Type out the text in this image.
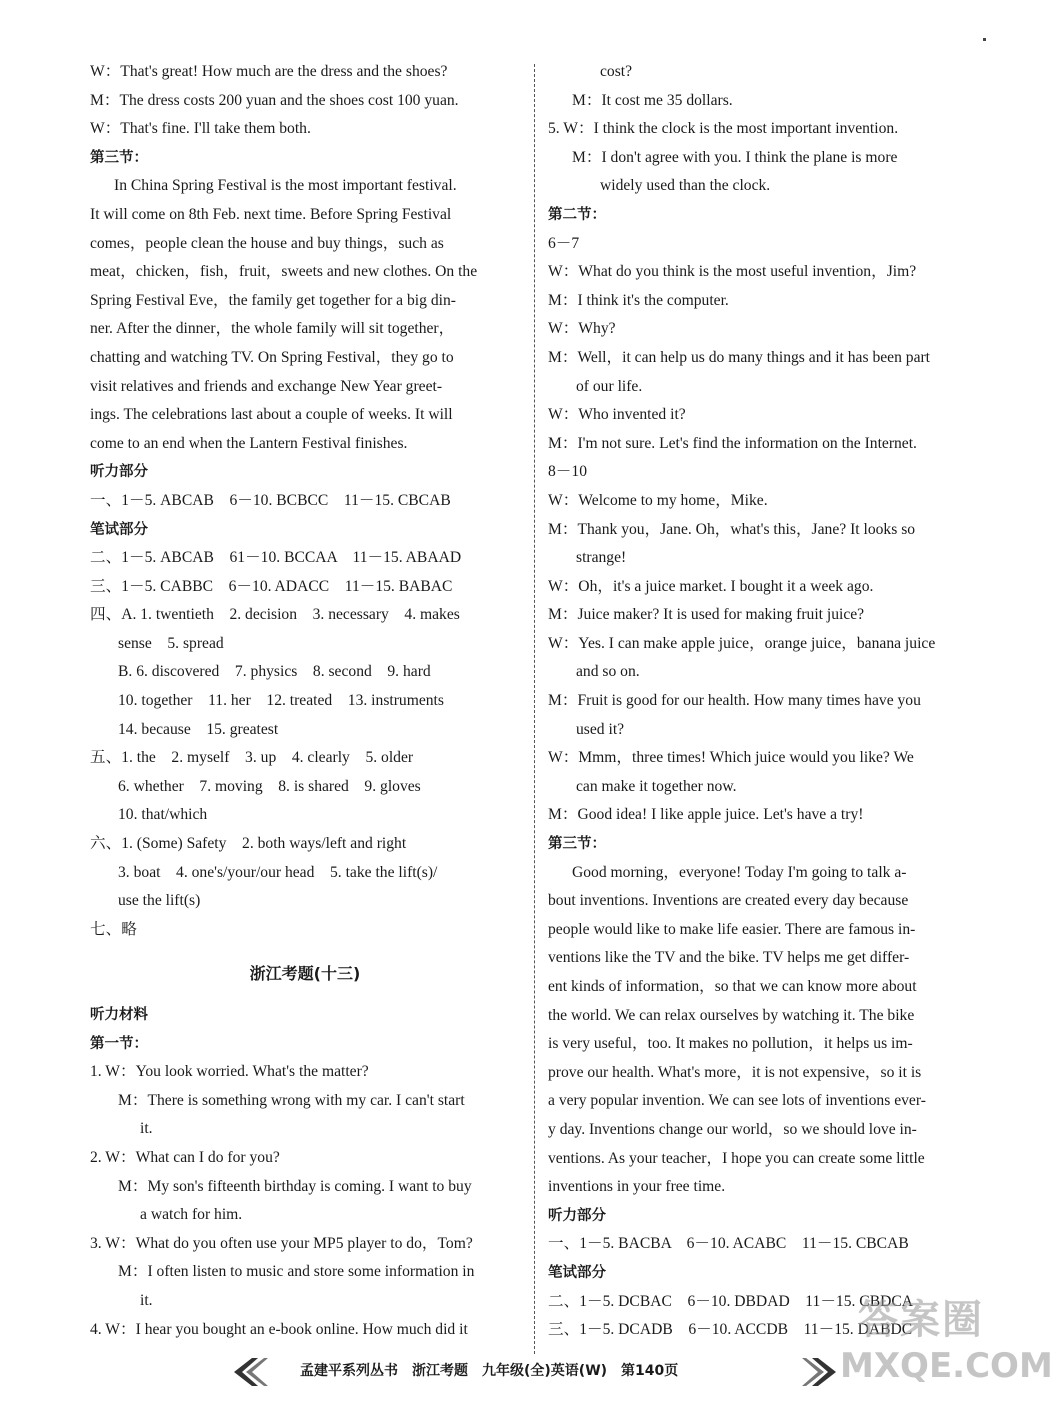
W：That's great! How much are the dress and the shoes?
M：The dress costs 200 yuan and the shoes cost 100 yuan.
W：That's fine. I'll take them both.
第三节：
In China Spring Festival is the most important festival.
It will come on 8th Feb. next time. Before Spring Festival
comes，people clean the house and buy things，such as
meat，chicken，fish，fruit，sweets and new clothes. On the
Spring Festival Eve，the family get together for a big din-
ner. After the dinner，the whole family will sit together，
chatting and watching TV. On Spring Festival，they go to
visit relatives and friends and exchange New Year greet-
ings. The celebrations last about a couple of weeks. It will
come to an end when the Lantern Festival finishes.
听力部分
一、1－5. ABCAB　6－10. BCBCC　11－15. CBCAB
笔试部分
二、1－5. ABCAB　61－10. BCCAA　11－15. ABAAD
三、1－5. CABBC　6－10. ADACC　11－15. BABAC
四、A. 1. twentieth　2. decision　3. necessary　4. makes
sense　5. spread
B. 6. discovered　7. physics　8. second　9. hard
10. together　11. her　12. treated　13. instruments
14. because　15. greatest
五、1. the　2. myself　3. up　4. clearly　5. older
6. whether　7. moving　8. is shared　9. gloves
10. that/which
六、1. (Some) Safety　2. both ways/left and right
3. boat　4. one's/your/our head　5. take the lift(s)/
use the lift(s)
七、略
浙江考题(十三)
听力材料
第一节：
1. W：You look worried. What's the matter?
M：There is something wrong with my car. I can't start
it.
2. W：What can I do for you?
M：My son's fifteenth birthday is coming. I want to buy
a watch for him.
3. W：What do you often use your MP5 player to do，Tom?
M：I often listen to music and store some information in
it.
4. W：I hear you bought an e-book online. How much did it
cost?
M：It cost me 35 dollars.
5. W：I think the clock is the most important invention.
M：I don't agree with you. I think the plane is more
widely used than the clock.
第二节：
6－7
W：What do you think is the most useful invention，Jim?
M：I think it's the computer.
W：Why?
M：Well，it can help us do many things and it has been part
of our life.
W：Who invented it?
M：I'm not sure. Let's find the information on the Internet.
8－10
W：Welcome to my home，Mike.
M：Thank you，Jane. Oh，what's this，Jane? It looks so
strange!
W：Oh，it's a juice market. I bought it a week ago.
M：Juice maker? It is used for making fruit juice?
W：Yes. I can make apple juice，orange juice，banana juice
and so on.
M：Fruit is good for our health. How many times have you
used it?
W：Mmm，three times! Which juice would you like? We
can make it together now.
M：Good idea! I like apple juice. Let's have a try!
第三节：
Good morning，everyone! Today I'm going to talk a-
bout inventions. Inventions are created every day because
people would like to make life easier. There are famous in-
ventions like the TV and the bike. TV helps me get differ-
ent kinds of information，so that we can know more about
the world. We can relax ourselves by watching it. The bike
is very useful，too. It makes no pollution，it helps us im-
prove our health. What's more，it is not expensive，so it is
a very popular invention. We can see lots of inventions ever-
y day. Inventions change our world，so we should love in-
ventions. As your teacher，I hope you can create some little
inventions in your free time.
听力部分
一、1－5. BACBA　6－10. ACABC　11－15. CBCAB
笔试部分
二、1－5. DCBAC　6－10. DBDAD　11－15. CBDCA
三、1－5. DCADB　6－10. ACCDB　11－15. DABDC
孟建平系列丛书　浙江考题　九年级(全)英语(W)　第140页
答案圈
MXQE.COM
